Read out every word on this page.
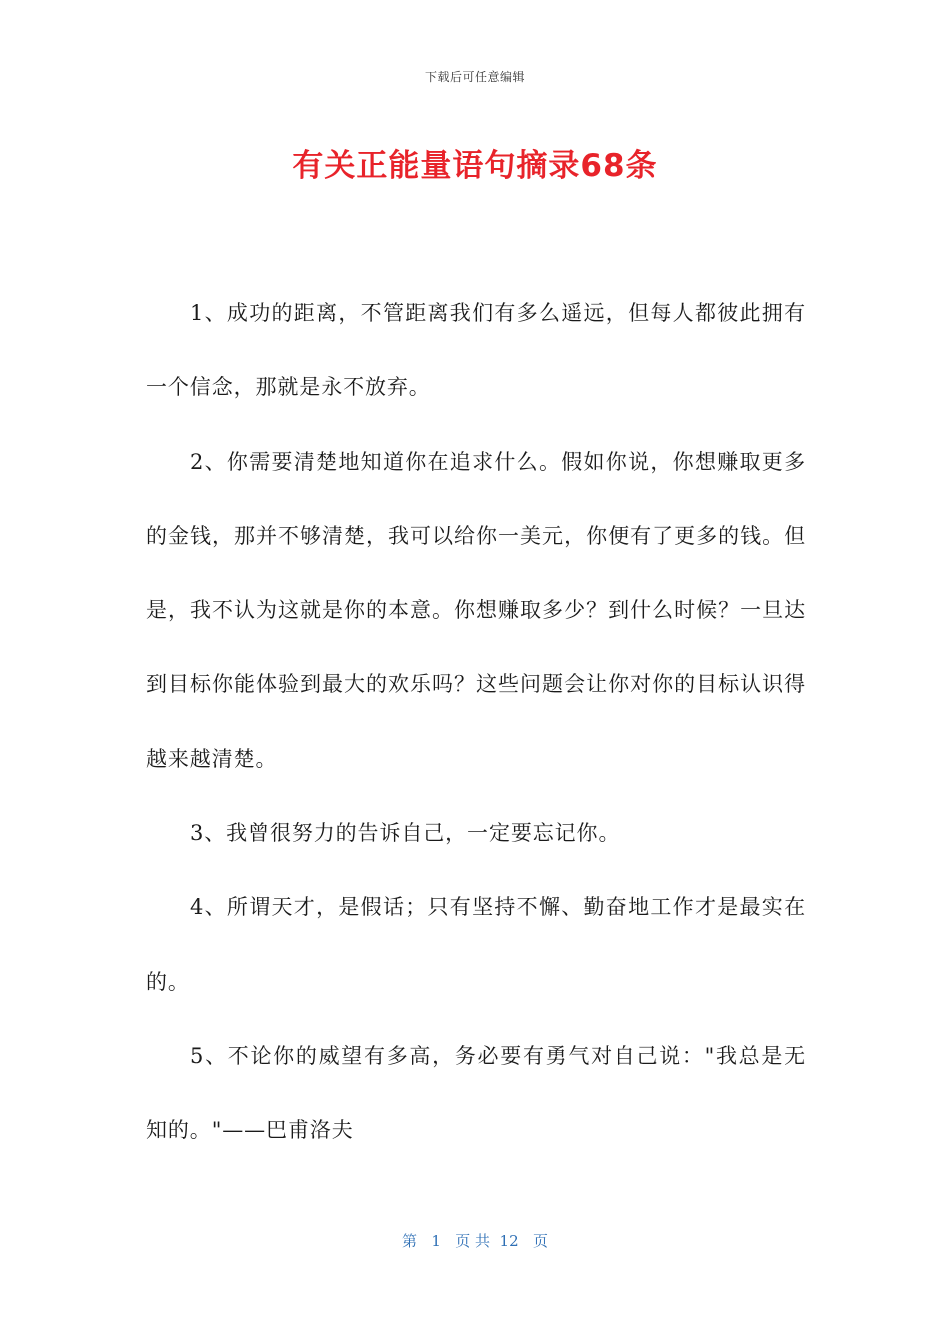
下载后可任意编辑
有关正能量语句摘录68条

1、成功的距离，不管距离我们有多么遥远，但每人都彼此拥有一个信念，那就是永不放弃。

2、你需要清楚地知道你在追求什么。假如你说，你想赚取更多的金钱，那并不够清楚，我可以给你一美元，你便有了更多的钱。但是，我不认为这就是你的本意。你想赚取多少？到什么时候？一旦达到目标你能体验到最大的欢乐吗？这些问题会让你对你的目标认识得越来越清楚。

3、我曾很努力的告诉自己，一定要忘记你。

4、所谓天才，是假话；只有坚持不懈、勤奋地工作才是最实在的。

5、不论你的威望有多高，务必要有勇气对自己说："我总是无知的。"——巴甫洛夫

第 1 页 共 12 页
